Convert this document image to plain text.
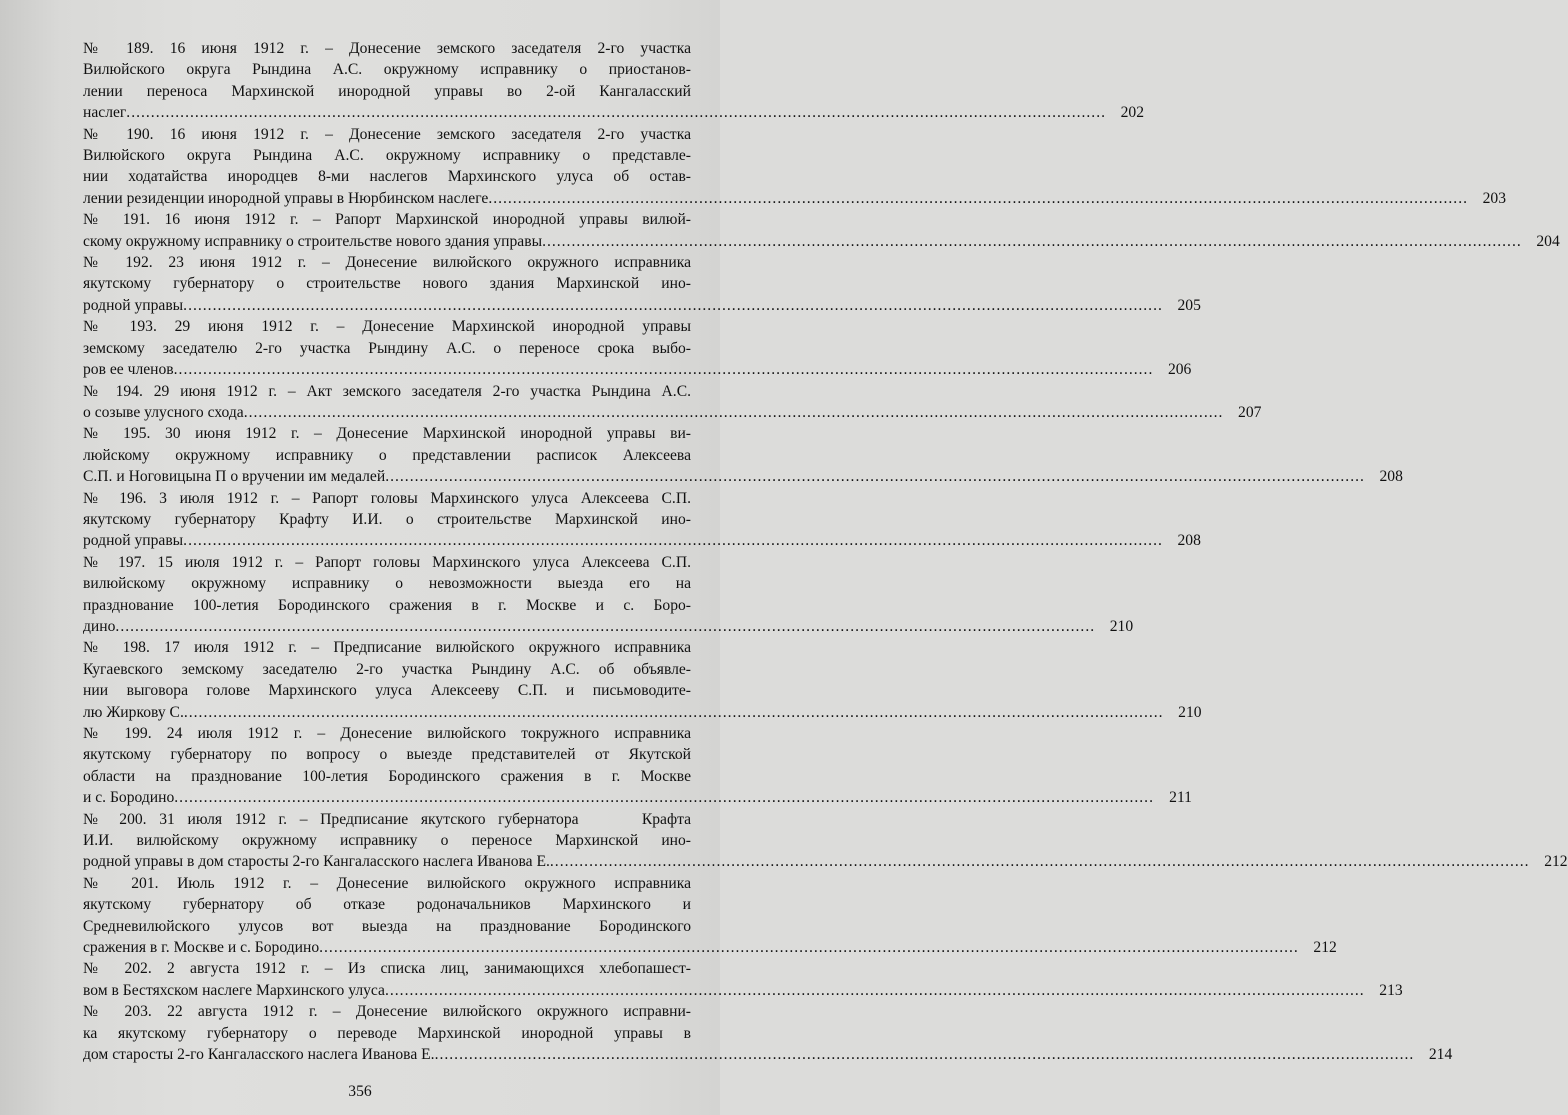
№ 189. 16 июня 1912 г. – Донесение земского заседателя 2-го участка
Вилюйского округа Рындина А.С. окружному исправнику о приостанов-
лении переноса Мархинской инородной управы во 2-ой Кангаласский
наслег ........................................................................................................................................................................................................ 202
№ 190. 16 июня 1912 г. – Донесение земского заседателя 2-го участка
Вилюйского округа Рындина А.С. окружному исправнику о представле-
нии ходатайства инородцев 8-ми наслегов Мархинского улуса об остав-
лении резиденции инородной управы в Нюрбинском наслеге ........................................................................................................................................................................................................ 203
№ 191. 16 июня 1912 г. – Рапорт Мархинской инородной управы вилюй-
скому окружному исправнику о строительстве нового здания управы ........................................................................................................................................................................................................ 204
№ 192. 23 июня 1912 г. – Донесение вилюйского окружного исправника
якутскому губернатору о строительстве нового здания Мархинской ино-
родной управы ........................................................................................................................................................................................................ 205
№ 193. 29 июня 1912 г. – Донесение Мархинской инородной управы
земскому заседателю 2-го участка Рындину А.С. о переносе срока выбо-
ров ее членов ........................................................................................................................................................................................................ 206
№ 194. 29 июня 1912 г. – Акт земского заседателя 2-го участка Рындина А.С.
о созыве улусного схода ........................................................................................................................................................................................................ 207
№ 195. 30 июня 1912 г. – Донесение Мархинской инородной управы ви-
люйскому окружному исправнику о представлении расписок Алексеева
С.П. и Ноговицына П о вручении им медалей ........................................................................................................................................................................................................ 208
№ 196. 3 июля 1912 г. – Рапорт головы Мархинского улуса Алексеева С.П.
якутскому губернатору Крафту И.И. о строительстве Мархинской ино-
родной управы ........................................................................................................................................................................................................ 208
№ 197. 15 июля 1912 г. – Рапорт головы Мархинского улуса Алексеева С.П.
вилюйскому окружному исправнику о невозможности выезда его на
празднование 100-летия Бородинского сражения в г. Москве и с. Боро-
дино ........................................................................................................................................................................................................ 210
№ 198. 17 июля 1912 г. – Предписание вилюйского окружного исправника
Кугаевского земскому заседателю 2-го участка Рындину А.С. об объявле-
нии выговора голове Мархинского улуса Алексееву С.П. и письмоводите-
лю Жиркову С. ........................................................................................................................................................................................................ 210
№ 199. 24 июля 1912 г. – Донесение вилюйского токружного исправника
якутскому губернатору по вопросу о выезде представителей от Якутской
области на празднование 100-летия Бородинского сражения в г. Москве
и с. Бородино ........................................................................................................................................................................................................ 211
№ 200. 31 июля 1912 г. – Предписание якутского губернатора     Крафта
И.И. вилюйскому окружному исправнику о переносе Мархинской ино-
родной управы в дом старосты 2-го Кангаласского наслега Иванова Е. ........................................................................................................................................................................................................ 212
№ 201. Июль 1912 г. – Донесение вилюйского окружного исправника
якутскому губернатору об отказе родоначальников Мархинского и
Средневилюйского улусов вот выезда на празднование Бородинского
сражения в г. Москве и с. Бородино ........................................................................................................................................................................................................ 212
№ 202. 2 августа 1912 г. – Из списка лиц, занимающихся хлебопашест-
вом в Бестяхском наслеге Мархинского улуса ........................................................................................................................................................................................................ 213
№ 203. 22 августа 1912 г. – Донесение вилюйского окружного исправни-
ка якутскому губернатору о переводе Мархинской инородной управы в
дом старосты 2-го Кангаласского наслега Иванова Е. ........................................................................................................................................................................................................ 214
356
